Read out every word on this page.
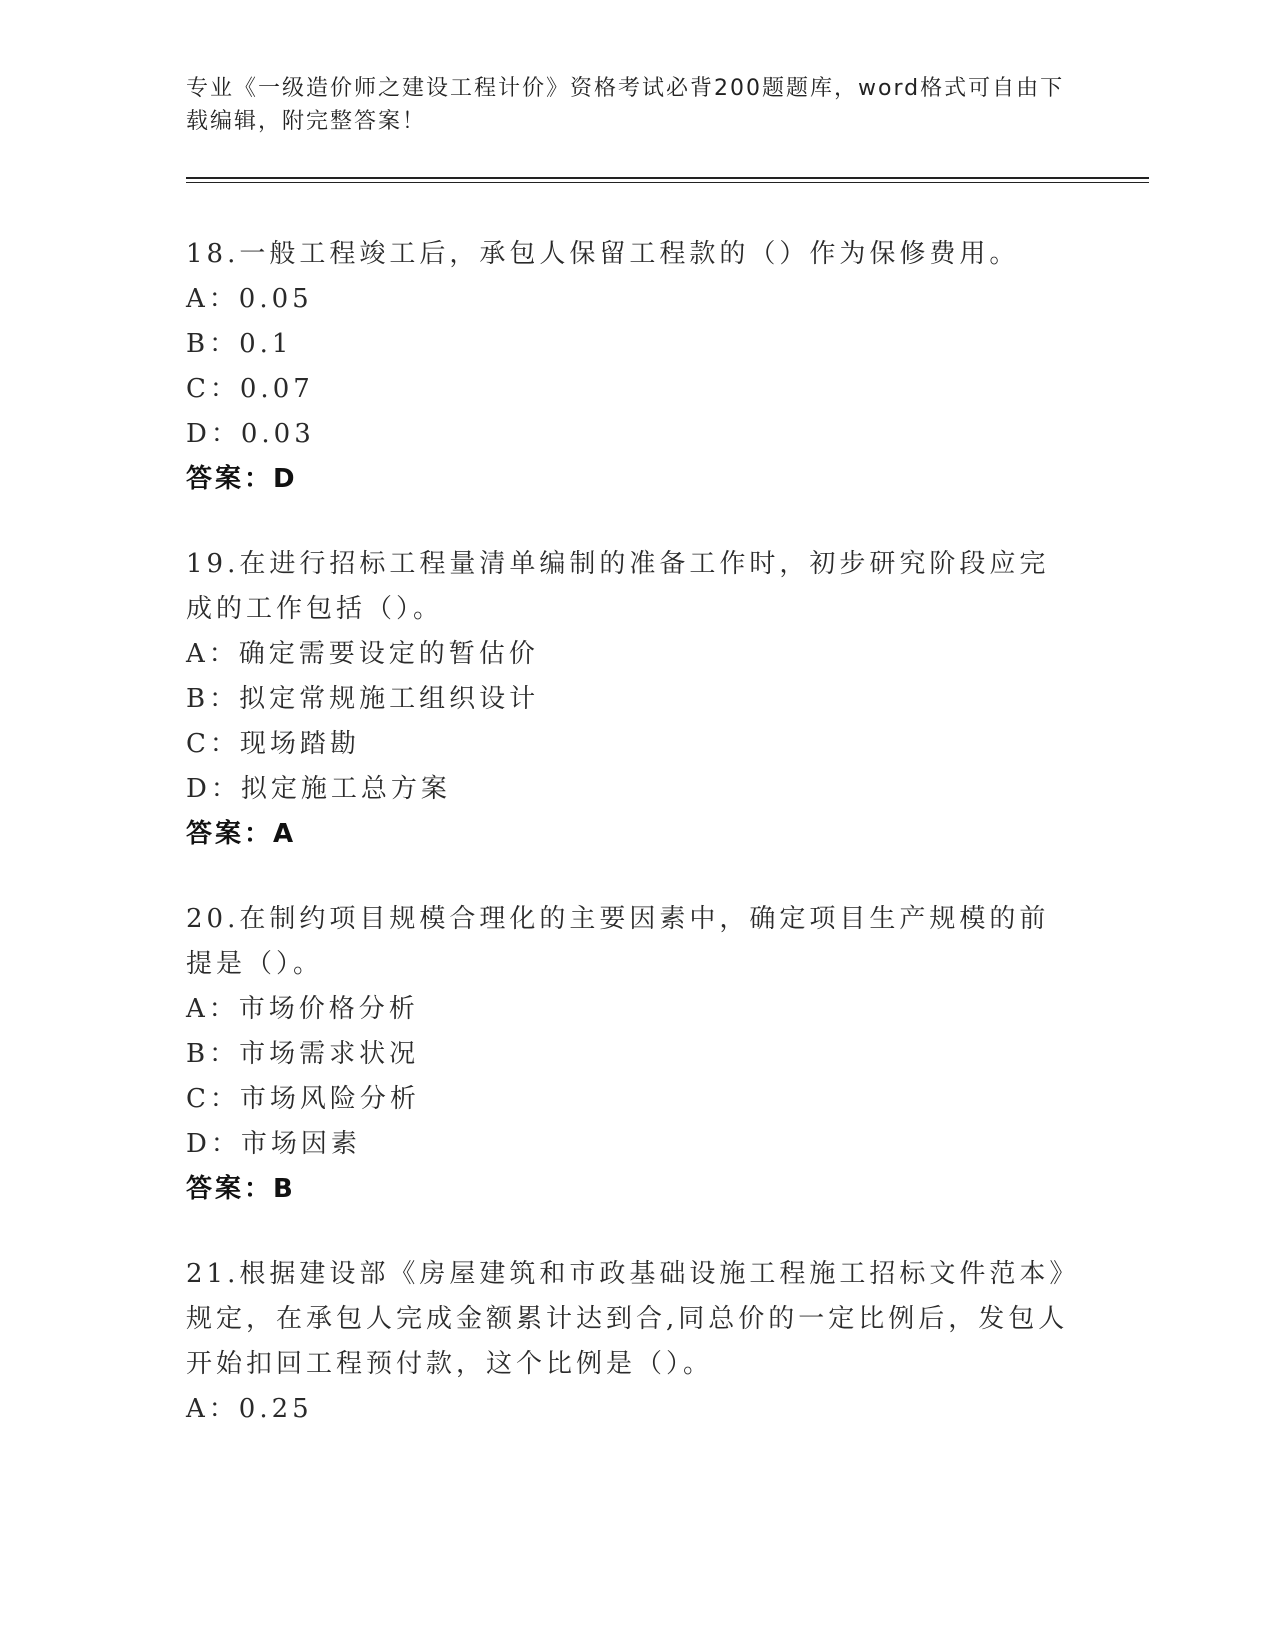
专业《一级造价师之建设工程计价》资格考试必背200题题库，word格式可自由下载编辑，附完整答案！
18.一般工程竣工后，承包人保留工程款的（）作为保修费用。
A：0.05
B：0.1
C：0.07
D：0.03
答案：D
19.在进行招标工程量清单编制的准备工作时，初步研究阶段应完成的工作包括（）。
A：确定需要设定的暂估价
B：拟定常规施工组织设计
C：现场踏勘
D：拟定施工总方案
答案：A
20.在制约项目规模合理化的主要因素中，确定项目生产规模的前提是（）。
A：市场价格分析
B：市场需求状况
C：市场风险分析
D：市场因素
答案：B
21.根据建设部《房屋建筑和市政基础设施工程施工招标文件范本》规定，在承包人完成金额累计达到合,同总价的一定比例后，发包人开始扣回工程预付款，这个比例是（）。
A：0.25
